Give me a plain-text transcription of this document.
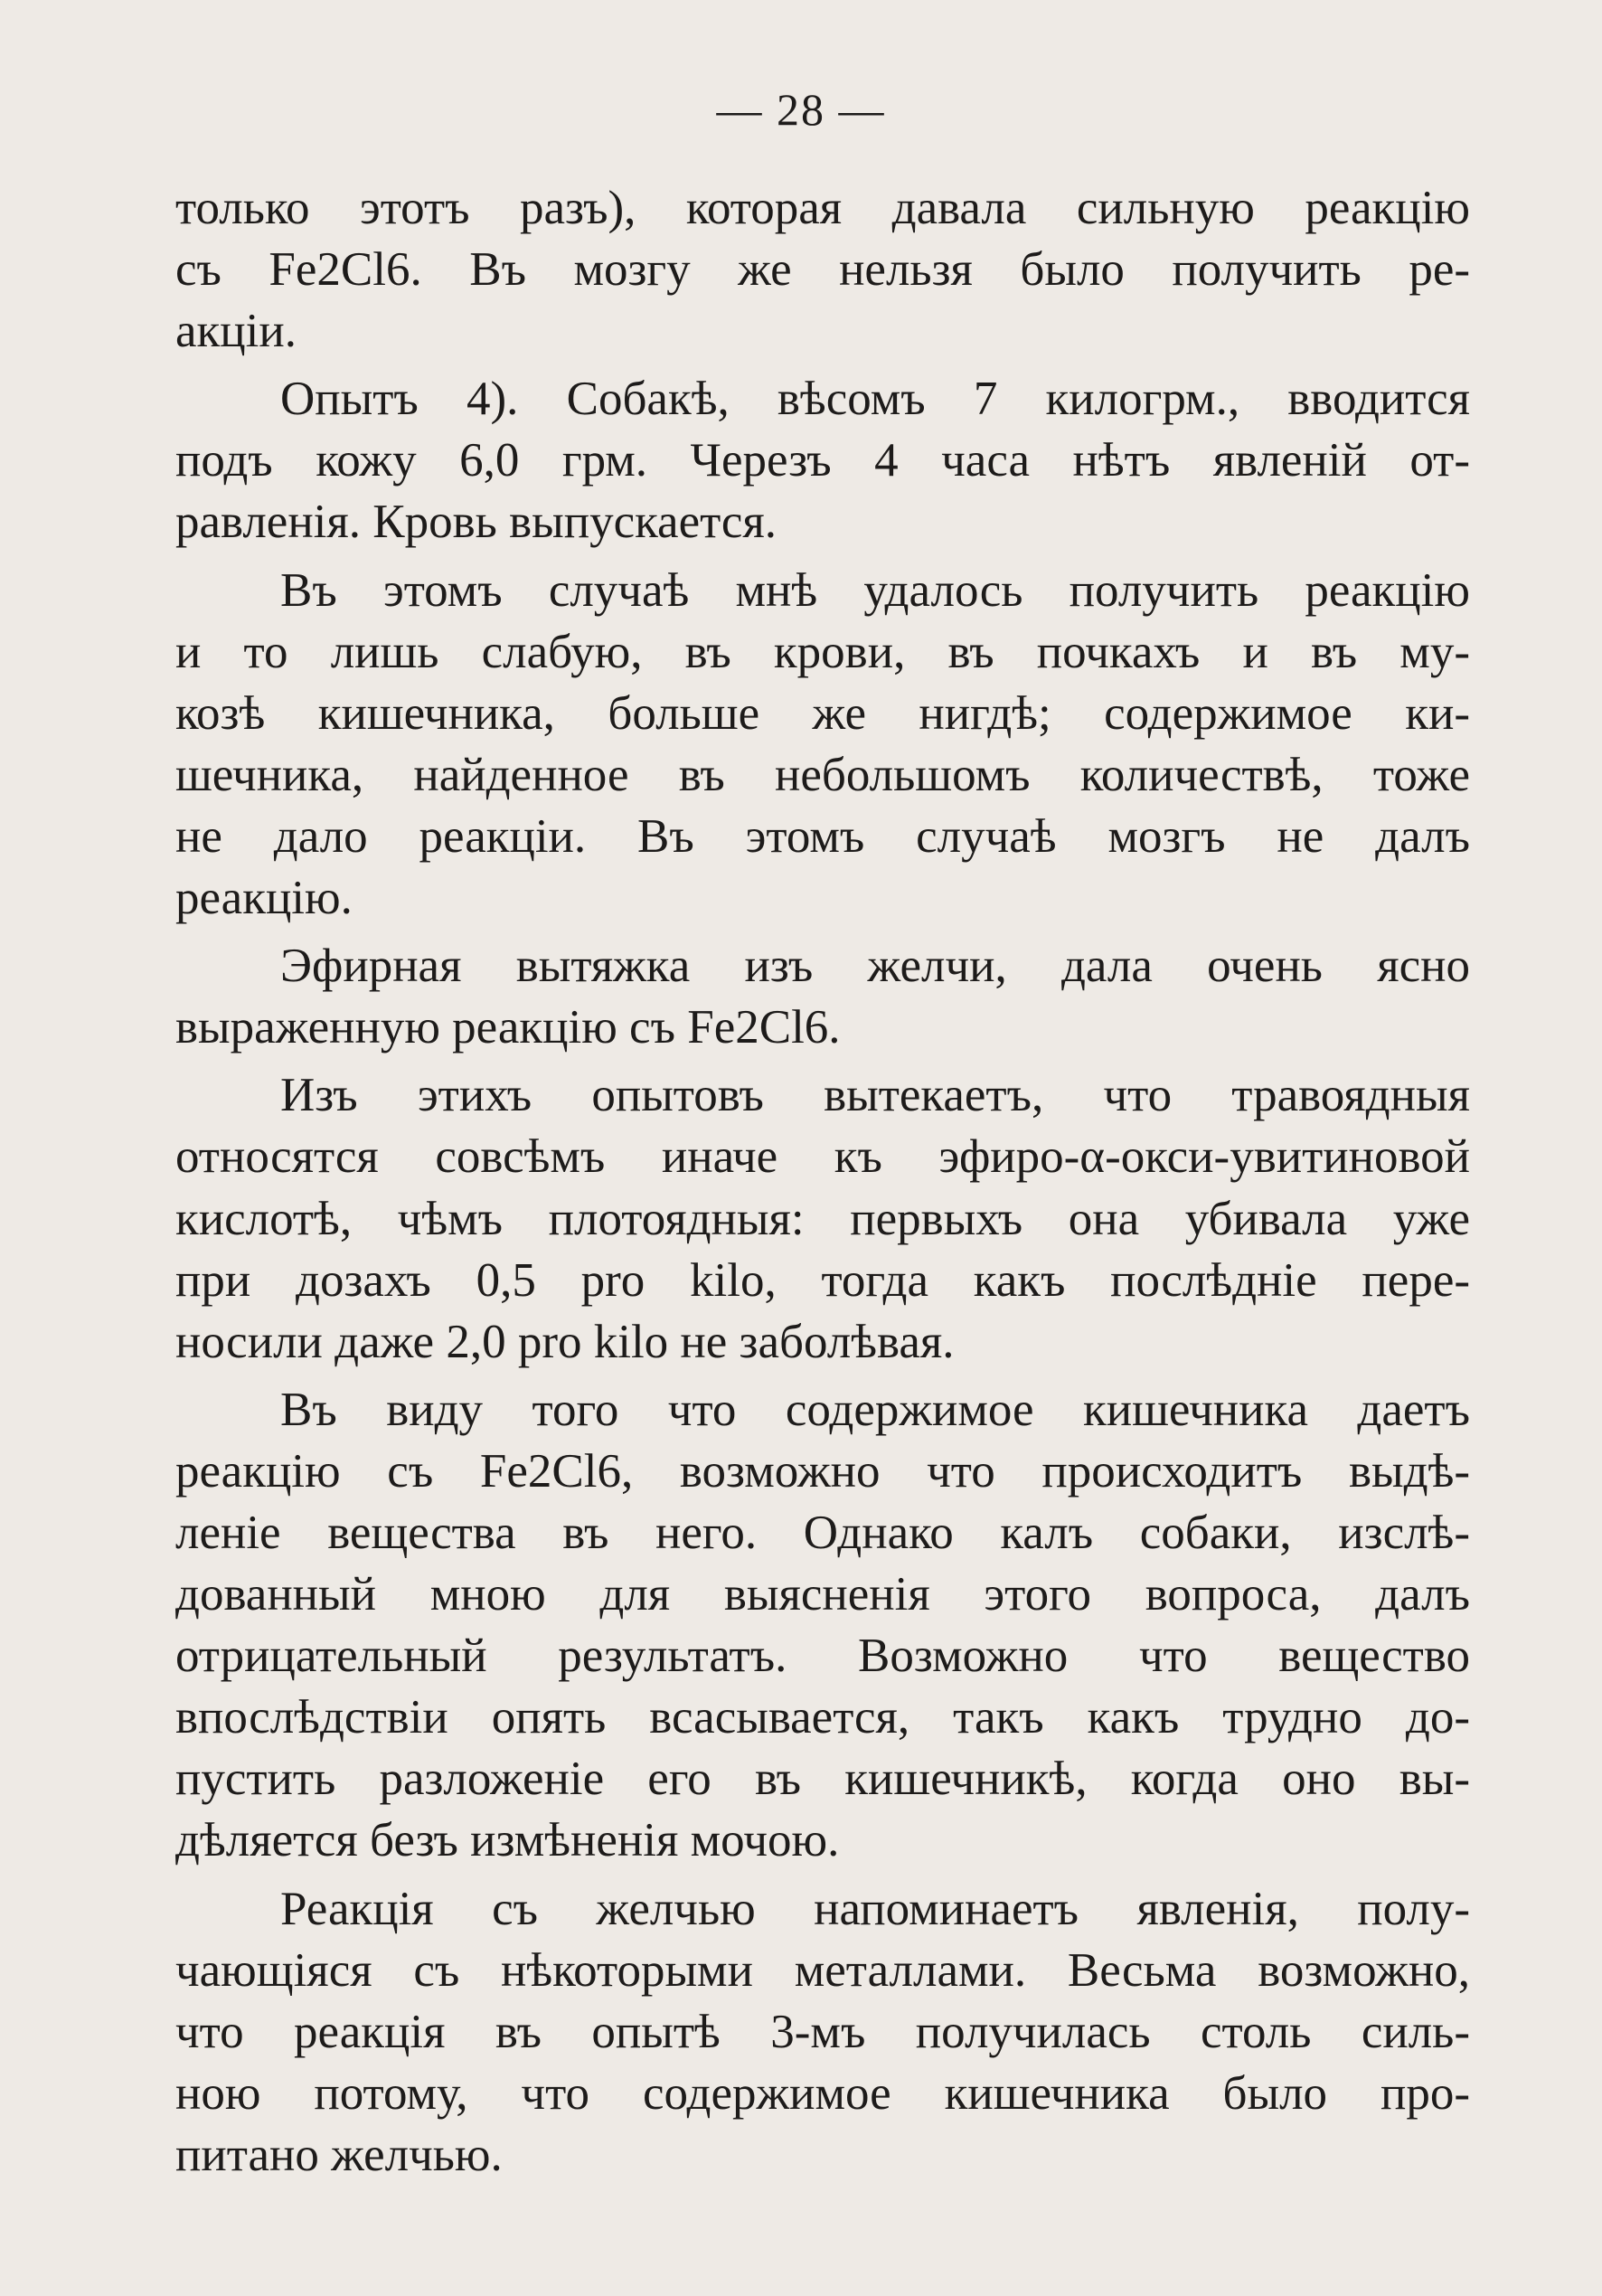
— 28 —
только этотъ разъ), которая давала сильную реакцію
съ Fe2Cl6. Въ мозгу же нельзя было получить ре-
акціи.
Опытъ 4). Собакѣ, вѣсомъ 7 килогрм., вводится
подъ кожу 6,0 грм. Черезъ 4 часа нѣтъ явленій от-
равленія. Кровь выпускается.
Въ этомъ случаѣ мнѣ удалось получить реакцію
и то лишь слабую, въ крови, въ почкахъ и въ му-
козѣ кишечника, больше же нигдѣ; содержимое ки-
шечника, найденное въ небольшомъ количествѣ, тоже
не дало реакціи. Въ этомъ случаѣ мозгъ не далъ
реакцію.
Эфирная вытяжка изъ желчи, дала очень ясно
выраженную реакцію съ Fe2Cl6.
Изъ этихъ опытовъ вытекаетъ, что травоядныя
относятся совсѣмъ иначе къ эфиро-α-окси-увитиновой
кислотѣ, чѣмъ плотоядныя: первыхъ она убивала уже
при дозахъ 0,5 pro kilo, тогда какъ послѣдніе пере-
носили даже 2,0 pro kilo не заболѣвая.
Въ виду того что содержимое кишечника даетъ
реакцію съ Fe2Cl6, возможно что происходитъ выдѣ-
леніе вещества въ него. Однако калъ собаки, изслѣ-
дованный мною для выясненія этого вопроса, далъ
отрицательный результатъ. Возможно что вещество
впослѣдствіи опять всасывается, такъ какъ трудно до-
пустить разложеніе его въ кишечникѣ, когда оно вы-
дѣляется безъ измѣненія мочою.
Реакція съ желчью напоминаетъ явленія, полу-
чающіяся съ нѣкоторыми металлами. Весьма возможно,
что реакція въ опытѣ 3-мъ получилась столь силь-
ною потому, что содержимое кишечника было про-
питано желчью.
